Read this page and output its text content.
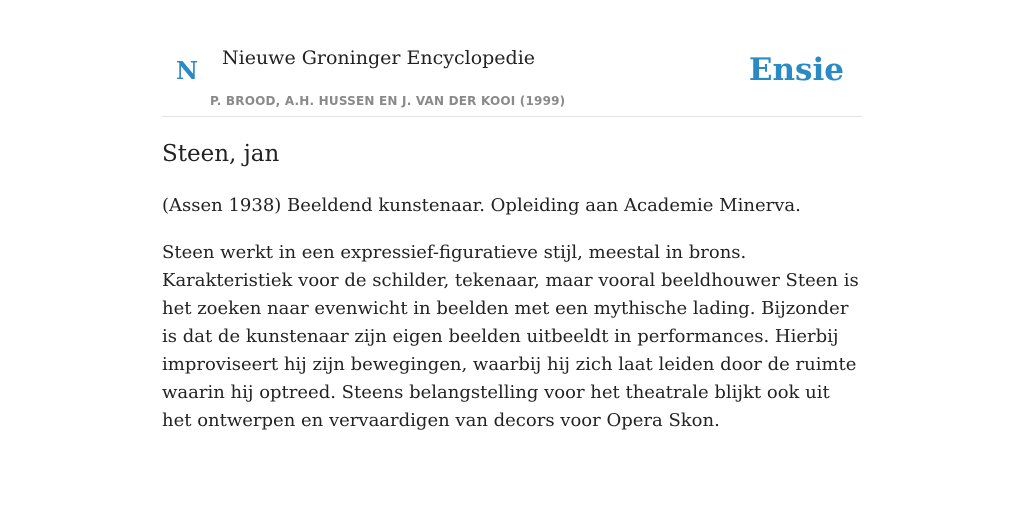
N Nieuwe Groninger Encyclopedie
P. BROOD, A.H. HUSSEN EN J. VAN DER KOOI (1999)
Ensie
Steen, jan

(Assen 1938) Beeldend kunstenaar. Opleiding aan Academie Minerva.

Steen werkt in een expressief-figuratieve stijl, meestal in brons. Karakteristiek voor de schilder, tekenaar, maar vooral beeldhouwer Steen is het zoeken naar evenwicht in beelden met een mythische lading. Bijzonder is dat de kunstenaar zijn eigen beelden uitbeeldt in performances. Hierbij improviseert hij zijn bewegingen, waarbij hij zich laat leiden door de ruimte waarin hij optreed. Steens belangstelling voor het theatrale blijkt ook uit het ontwerpen en vervaardigen van decors voor Opera Skon.
